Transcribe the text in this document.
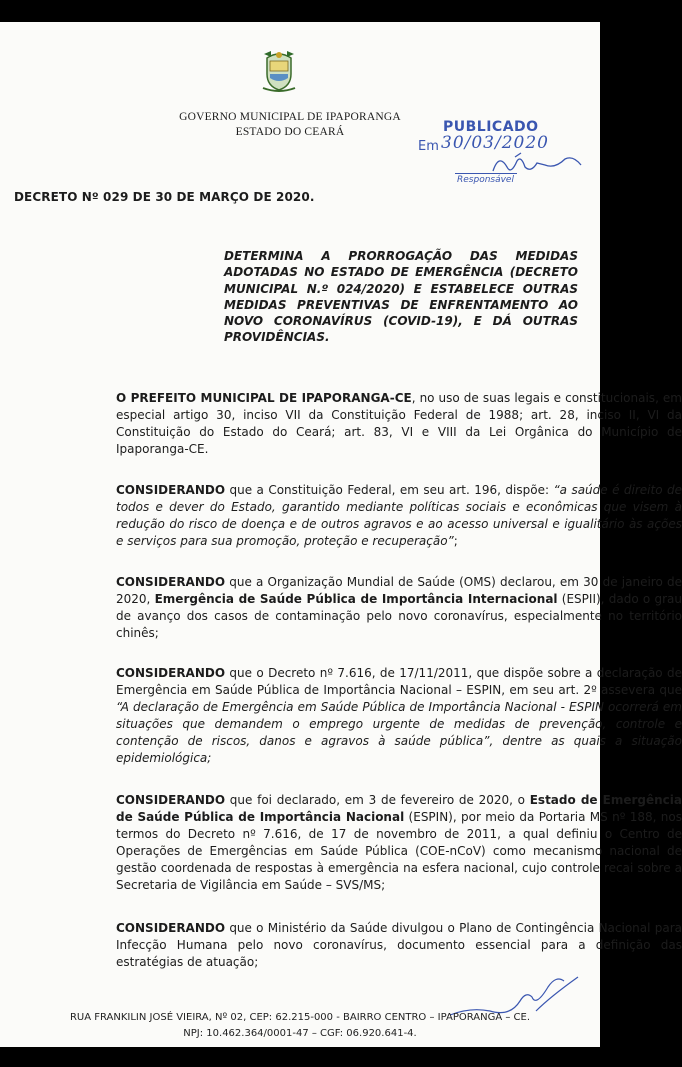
GOVERNO MUNICIPAL DE IPAPORANGA
ESTADO DO CEARÁ	PUBLICADO
Em 30/03/2020
Responsável
DECRETO Nº 029 DE 30 DE MARÇO DE 2020.
DETERMINA A PRORROGAÇÃO DAS MEDIDAS ADOTADAS NO ESTADO DE EMERGÊNCIA (DECRETO MUNICIPAL N.º 024/2020) E ESTABELECE OUTRAS MEDIDAS PREVENTIVAS DE ENFRENTAMENTO AO NOVO CORONAVÍRUS (COVID-19), E DÁ OUTRAS PROVIDÊNCIAS.
O PREFEITO MUNICIPAL DE IPAPORANGA-CE, no uso de suas legais e constitucionais, em especial artigo 30, inciso VII da Constituição Federal de 1988; art. 28, inciso II, VI da Constituição do Estado do Ceará; art. 83, VI e VIII da Lei Orgânica do Município de Ipaporanga-CE.
CONSIDERANDO que a Constituição Federal, em seu art. 196, dispõe: “a saúde é direito de todos e dever do Estado, garantido mediante políticas sociais e econômicas que visem à redução do risco de doença e de outros agravos e ao acesso universal e igualitário às ações e serviços para sua promoção, proteção e recuperação”;
CONSIDERANDO que a Organização Mundial de Saúde (OMS) declarou, em 30 de janeiro de 2020, Emergência de Saúde Pública de Importância Internacional (ESPII), dado o grau de avanço dos casos de contaminação pelo novo coronavírus, especialmente no território chinês;
CONSIDERANDO que o Decreto nº 7.616, de 17/11/2011, que dispõe sobre a declaração de Emergência em Saúde Pública de Importância Nacional – ESPIN, em seu art. 2º assevera que “A declaração de Emergência em Saúde Pública de Importância Nacional - ESPIN ocorrerá em situações que demandem o emprego urgente de medidas de prevenção, controle e contenção de riscos, danos e agravos à saúde pública”, dentre as quais a situação epidemiológica;
CONSIDERANDO que foi declarado, em 3 de fevereiro de 2020, o Estado de Emergência de Saúde Pública de Importância Nacional (ESPIN), por meio da Portaria MS nº 188, nos termos do Decreto nº 7.616, de 17 de novembro de 2011, a qual definiu o Centro de Operações de Emergências em Saúde Pública (COE-nCoV) como mecanismo nacional de gestão coordenada de respostas à emergência na esfera nacional, cujo controle recai sobre a Secretaria de Vigilância em Saúde – SVS/MS;
CONSIDERANDO que o Ministério da Saúde divulgou o Plano de Contingência Nacional para Infecção Humana pelo novo coronavírus, documento essencial para a definição das estratégias de atuação;
RUA FRANKILIN JOSÉ VIEIRA, Nº 02, CEP: 62.215-000 - BAIRRO CENTRO – IPAPORANGA – CE.
NPJ: 10.462.364/0001-47 – CGF: 06.920.641-4.
